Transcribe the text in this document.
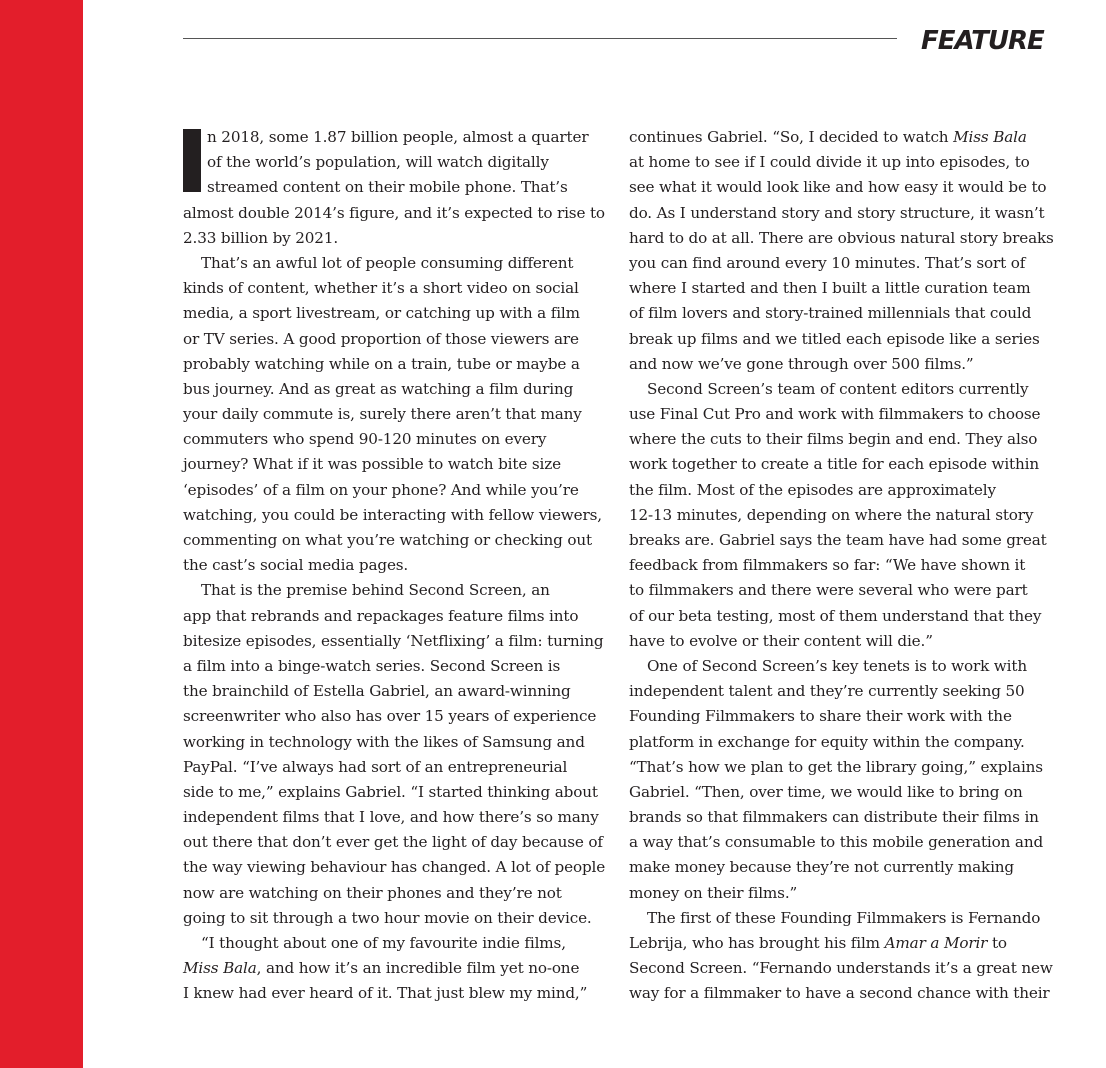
FEATURE
n 2018, some 1.87 billion people, almost a quarter
of the world’s population, will watch digitally
streamed content on their mobile phone. That’s
almost double 2014’s figure, and it’s expected to rise to
2.33 billion by 2021.
That’s an awful lot of people consuming different
kinds of content, whether it’s a short video on social
media, a sport livestream, or catching up with a film
or TV series. A good proportion of those viewers are
probably watching while on a train, tube or maybe a
bus journey. And as great as watching a film during
your daily commute is, surely there aren’t that many
commuters who spend 90-120 minutes on every
journey? What if it was possible to watch bite size
‘episodes’ of a film on your phone? And while you’re
watching, you could be interacting with fellow viewers,
commenting on what you’re watching or checking out
the cast’s social media pages.
That is the premise behind Second Screen, an
app that rebrands and repackages feature films into
bitesize episodes, essentially ‘Netflixing’ a film: turning
a film into a binge-watch series. Second Screen is
the brainchild of Estella Gabriel, an award-winning
screenwriter who also has over 15 years of experience
working in technology with the likes of Samsung and
PayPal. “I’ve always had sort of an entrepreneurial
side to me,” explains Gabriel. “I started thinking about
independent films that I love, and how there’s so many
out there that don’t ever get the light of day because of
the way viewing behaviour has changed. A lot of people
now are watching on their phones and they’re not
going to sit through a two hour movie on their device.
“I thought about one of my favourite indie films,
Miss Bala, and how it’s an incredible film yet no-one
I knew had ever heard of it. That just blew my mind,”
continues Gabriel. “So, I decided to watch Miss Bala
at home to see if I could divide it up into episodes, to
see what it would look like and how easy it would be to
do. As I understand story and story structure, it wasn’t
hard to do at all. There are obvious natural story breaks
you can find around every 10 minutes. That’s sort of
where I started and then I built a little curation team
of film lovers and story-trained millennials that could
break up films and we titled each episode like a series
and now we’ve gone through over 500 films.”
Second Screen’s team of content editors currently
use Final Cut Pro and work with filmmakers to choose
where the cuts to their films begin and end. They also
work together to create a title for each episode within
the film. Most of the episodes are approximately
12-13 minutes, depending on where the natural story
breaks are. Gabriel says the team have had some great
feedback from filmmakers so far: “We have shown it
to filmmakers and there were several who were part
of our beta testing, most of them understand that they
have to evolve or their content will die.”
One of Second Screen’s key tenets is to work with
independent talent and they’re currently seeking 50
Founding Filmmakers to share their work with the
platform in exchange for equity within the company.
“That’s how we plan to get the library going,” explains
Gabriel. “Then, over time, we would like to bring on
brands so that filmmakers can distribute their films in
a way that’s consumable to this mobile generation and
make money because they’re not currently making
money on their films.”
The first of these Founding Filmmakers is Fernando
Lebrija, who has brought his film Amar a Morir to
Second Screen. “Fernando understands it’s a great new
way for a filmmaker to have a second chance with their
